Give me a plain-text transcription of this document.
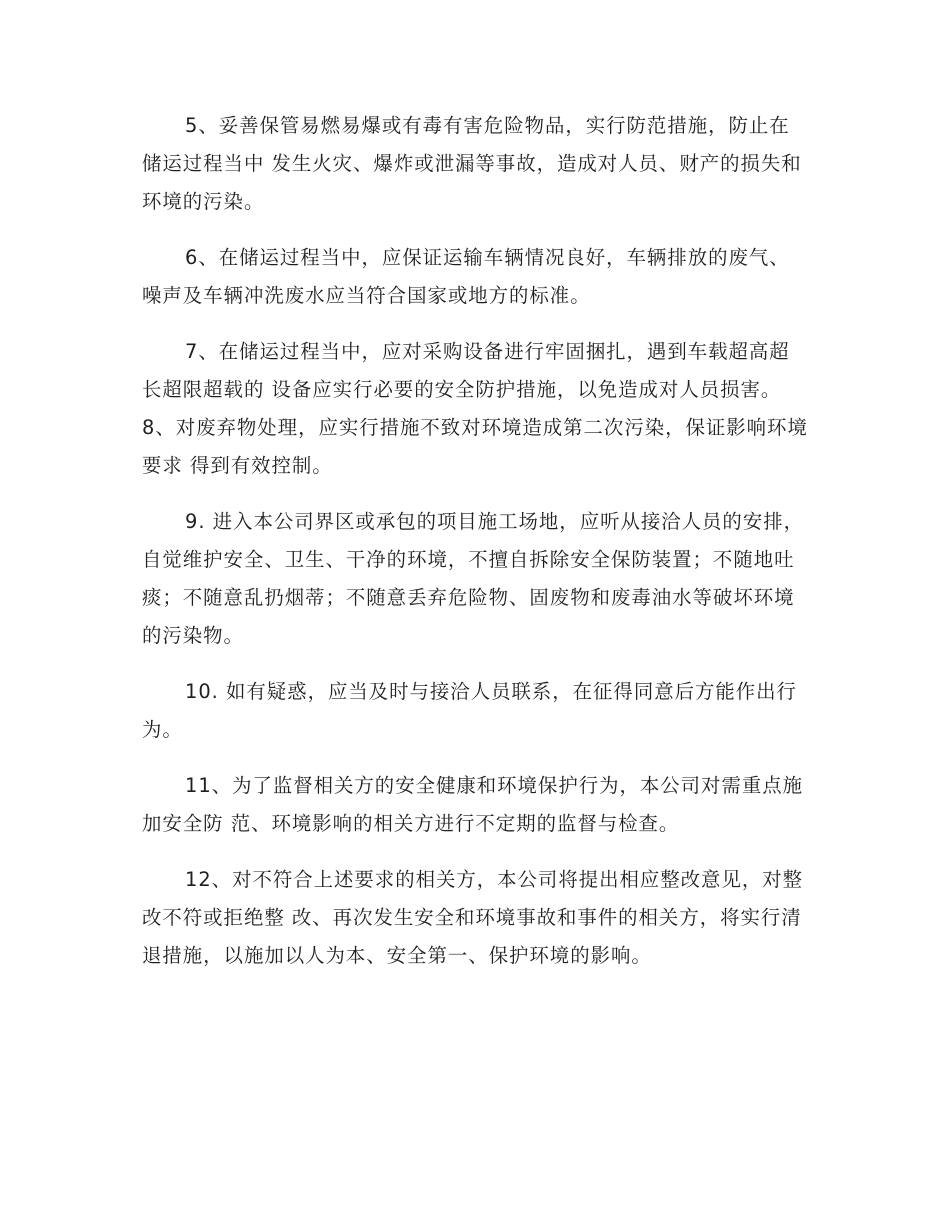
5、妥善保管易燃易爆或有毒有害危险物品，实行防范措施，防止在储运过程当中 发生火灾、爆炸或泄漏等事故，造成对人员、财产的损失和环境的污染。

6、在储运过程当中，应保证运输车辆情况良好，车辆排放的废气、噪声及车辆冲洗废水应当符合国家或地方的标准。

7、在储运过程当中，应对采购设备进行牢固捆扎，遇到车载超高超长超限超载的 设备应实行必要的安全防护措施，以免造成对人员损害。8、对废弃物处理，应实行措施不致对环境造成第二次污染，保证影响环境要求 得到有效控制。

9. 进入本公司界区或承包的项目施工场地，应听从接洽人员的安排，自觉维护安全、卫生、干净的环境，不擅自拆除安全保防装置；不随地吐痰；不随意乱扔烟蒂；不随意丢弃危险物、固废物和废毒油水等破坏环境的污染物。

10. 如有疑惑，应当及时与接洽人员联系，在征得同意后方能作出行为。

11、为了监督相关方的安全健康和环境保护行为，本公司对需重点施加安全防 范、环境影响的相关方进行不定期的监督与检查。

12、对不符合上述要求的相关方，本公司将提出相应整改意见，对整改不符或拒绝整 改、再次发生安全和环境事故和事件的相关方，将实行清退措施，以施加以人为本、安全第一、保护环境的影响。
